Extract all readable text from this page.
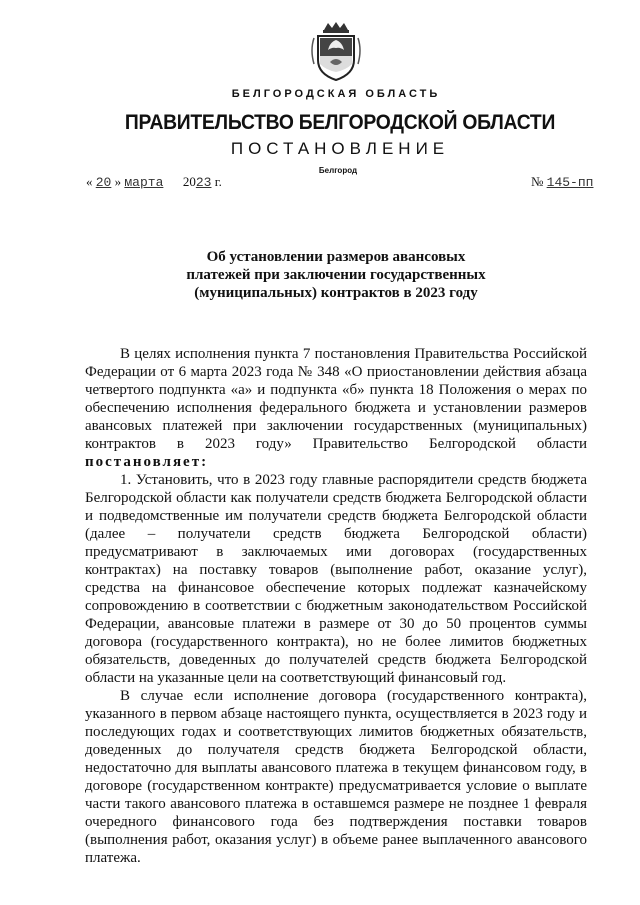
БЕЛГОРОДСКАЯ ОБЛАСТЬ
ПРАВИТЕЛЬСТВО БЕЛГОРОДСКОЙ ОБЛАСТИ
ПОСТАНОВЛЕНИЕ
Белгород
« 20 » марта 2023 г.	№ 145-пп
Об установлении размеров авансовых
платежей при заключении государственных
(муниципальных) контрактов в 2023 году

В целях исполнения пункта 7 постановления Правительства Российской Федерации от 6 марта 2023 года № 348 «О приостановлении действия абзаца четвертого подпункта «а» и подпункта «б» пункта 18 Положения о мерах по обеспечению исполнения федерального бюджета и установлении размеров авансовых платежей при заключении государственных (муниципальных) контрактов в 2023 году» Правительство Белгородской области постановляет:

1. Установить, что в 2023 году главные распорядители средств бюджета Белгородской области как получатели средств бюджета Белгородской области и подведомственные им получатели средств бюджета Белгородской области (далее – получатели средств бюджета Белгородской области) предусматривают в заключаемых ими договорах (государственных контрактах) на поставку товаров (выполнение работ, оказание услуг), средства на финансовое обеспечение которых подлежат казначейскому сопровождению в соответствии с бюджетным законодательством Российской Федерации, авансовые платежи в размере от 30 до 50 процентов суммы договора (государственного контракта), но не более лимитов бюджетных обязательств, доведенных до получателей средств бюджета Белгородской области на указанные цели на соответствующий финансовый год.

В случае если исполнение договора (государственного контракта), указанного в первом абзаце настоящего пункта, осуществляется в 2023 году и последующих годах и соответствующих лимитов бюджетных обязательств, доведенных до получателя средств бюджета Белгородской области, недостаточно для выплаты авансового платежа в текущем финансовом году, в договоре (государственном контракте) предусматривается условие о выплате части такого авансового платежа в оставшемся размере не позднее 1 февраля очередного финансового года без подтверждения поставки товаров (выполнения работ, оказания услуг) в объеме ранее выплаченного авансового платежа.
